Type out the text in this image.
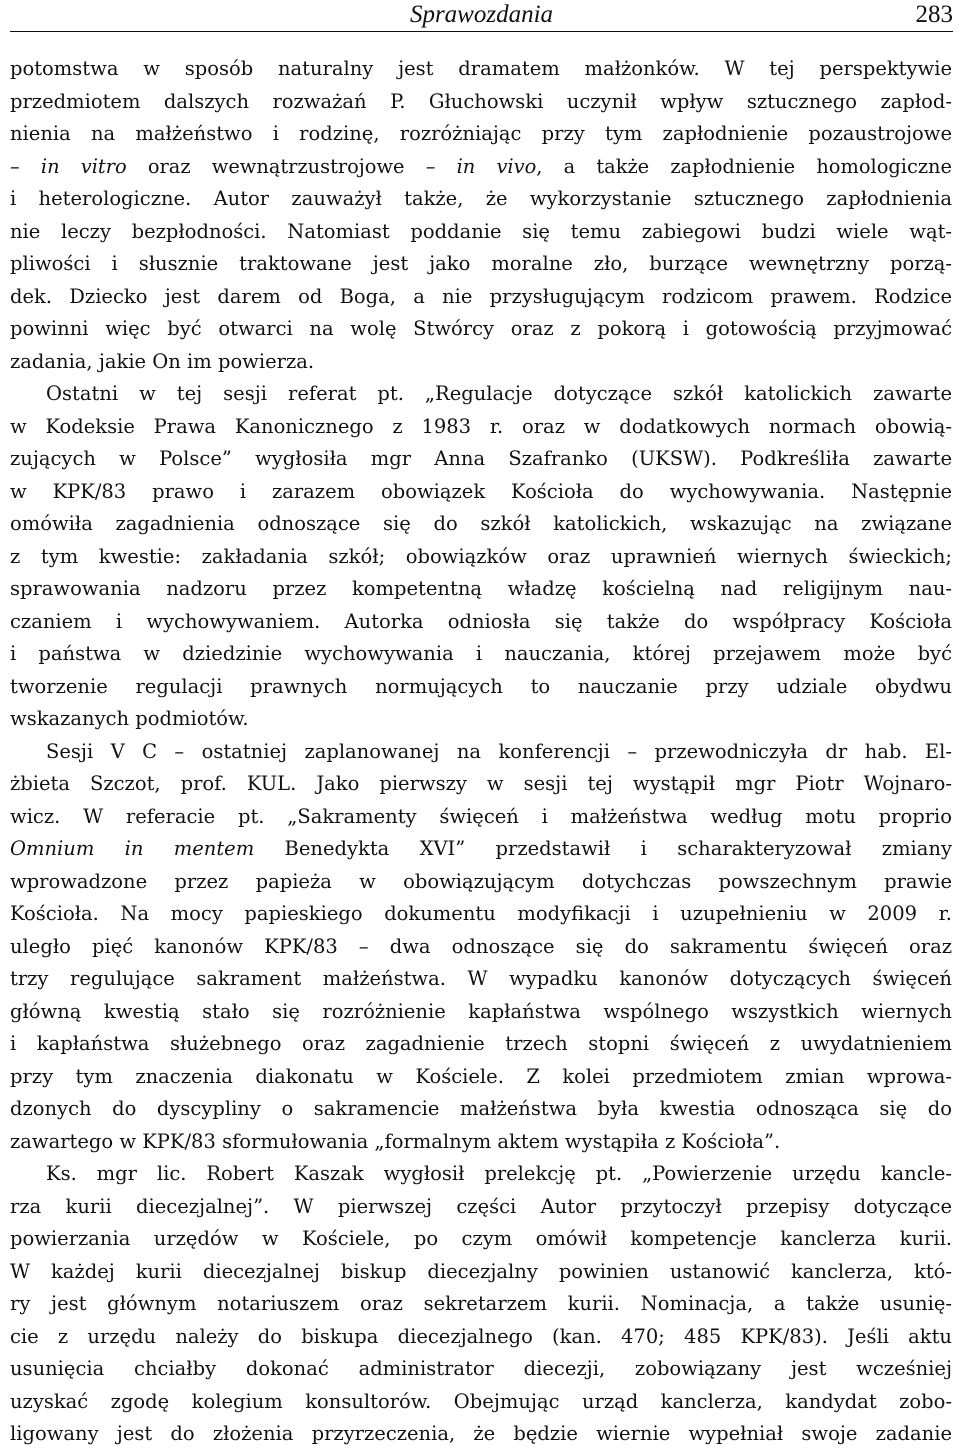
Sprawozdania	283
potomstwa w sposób naturalny jest dramatem małżonków. W tej perspektywie
przedmiotem dalszych rozważań P. Głuchowski uczynił wpływ sztucznego zapłod-
nienia na małżeństwo i rodzinę, rozróżniając przy tym zapłodnienie pozaustrojowe
– in vitro oraz wewnątrzustrojowe – in vivo, a także zapłodnienie homologiczne
i heterologiczne. Autor zauważył także, że wykorzystanie sztucznego zapłodnienia
nie leczy bezpłodności. Natomiast poddanie się temu zabiegowi budzi wiele wąt-
pliwości i słusznie traktowane jest jako moralne zło, burzące wewnętrzny porzą-
dek. Dziecko jest darem od Boga, a nie przysługującym rodzicom prawem. Rodzice
powinni więc być otwarci na wolę Stwórcy oraz z pokorą i gotowością przyjmować
zadania, jakie On im powierza.
Ostatni w tej sesji referat pt. „Regulacje dotyczące szkół katolickich zawarte
w Kodeksie Prawa Kanonicznego z 1983 r. oraz w dodatkowych normach obowią-
zujących w Polsce” wygłosiła mgr Anna Szafranko (UKSW). Podkreśliła zawarte
w KPK/83 prawo i zarazem obowiązek Kościoła do wychowywania. Następnie
omówiła zagadnienia odnoszące się do szkół katolickich, wskazując na związane
z tym kwestie: zakładania szkół; obowiązków oraz uprawnień wiernych świeckich;
sprawowania nadzoru przez kompetentną władzę kościelną nad religijnym nau-
czaniem i wychowywaniem. Autorka odniosła się także do współpracy Kościoła
i państwa w dziedzinie wychowywania i nauczania, której przejawem może być
tworzenie regulacji prawnych normujących to nauczanie przy udziale obydwu
wskazanych podmiotów.
Sesji V C – ostatniej zaplanowanej na konferencji – przewodniczyła dr hab. El-
żbieta Szczot, prof. KUL. Jako pierwszy w sesji tej wystąpił mgr Piotr Wojnaro-
wicz. W referacie pt. „Sakramenty święceń i małżeństwa według motu proprio
Omnium in mentem Benedykta XVI” przedstawił i scharakteryzował zmiany
wprowadzone przez papieża w obowiązującym dotychczas powszechnym prawie
Kościoła. Na mocy papieskiego dokumentu modyfikacji i uzupełnieniu w 2009 r.
uległo pięć kanonów KPK/83 – dwa odnoszące się do sakramentu święceń oraz
trzy regulujące sakrament małżeństwa. W wypadku kanonów dotyczących święceń
główną kwestią stało się rozróżnienie kapłaństwa wspólnego wszystkich wiernych
i kapłaństwa służebnego oraz zagadnienie trzech stopni święceń z uwydatnieniem
przy tym znaczenia diakonatu w Kościele. Z kolei przedmiotem zmian wprowa-
dzonych do dyscypliny o sakramencie małżeństwa była kwestia odnosząca się do
zawartego w KPK/83 sformułowania „formalnym aktem wystąpiła z Kościoła”.
Ks. mgr lic. Robert Kaszak wygłosił prelekcję pt. „Powierzenie urzędu kancle-
rza kurii diecezjalnej”. W pierwszej części Autor przytoczył przepisy dotyczące
powierzania urzędów w Kościele, po czym omówił kompetencje kanclerza kurii.
W każdej kurii diecezjalnej biskup diecezjalny powinien ustanowić kanclerza, któ-
ry jest głównym notariuszem oraz sekretarzem kurii. Nominacja, a także usunię-
cie z urzędu należy do biskupa diecezjalnego (kan. 470; 485 KPK/83). Jeśli aktu
usunięcia chciałby dokonać administrator diecezji, zobowiązany jest wcześniej
uzyskać zgodę kolegium konsultorów. Obejmując urząd kanclerza, kandydat zobo-
ligowany jest do złożenia przyrzeczenia, że będzie wiernie wypełniał swoje zadanie
